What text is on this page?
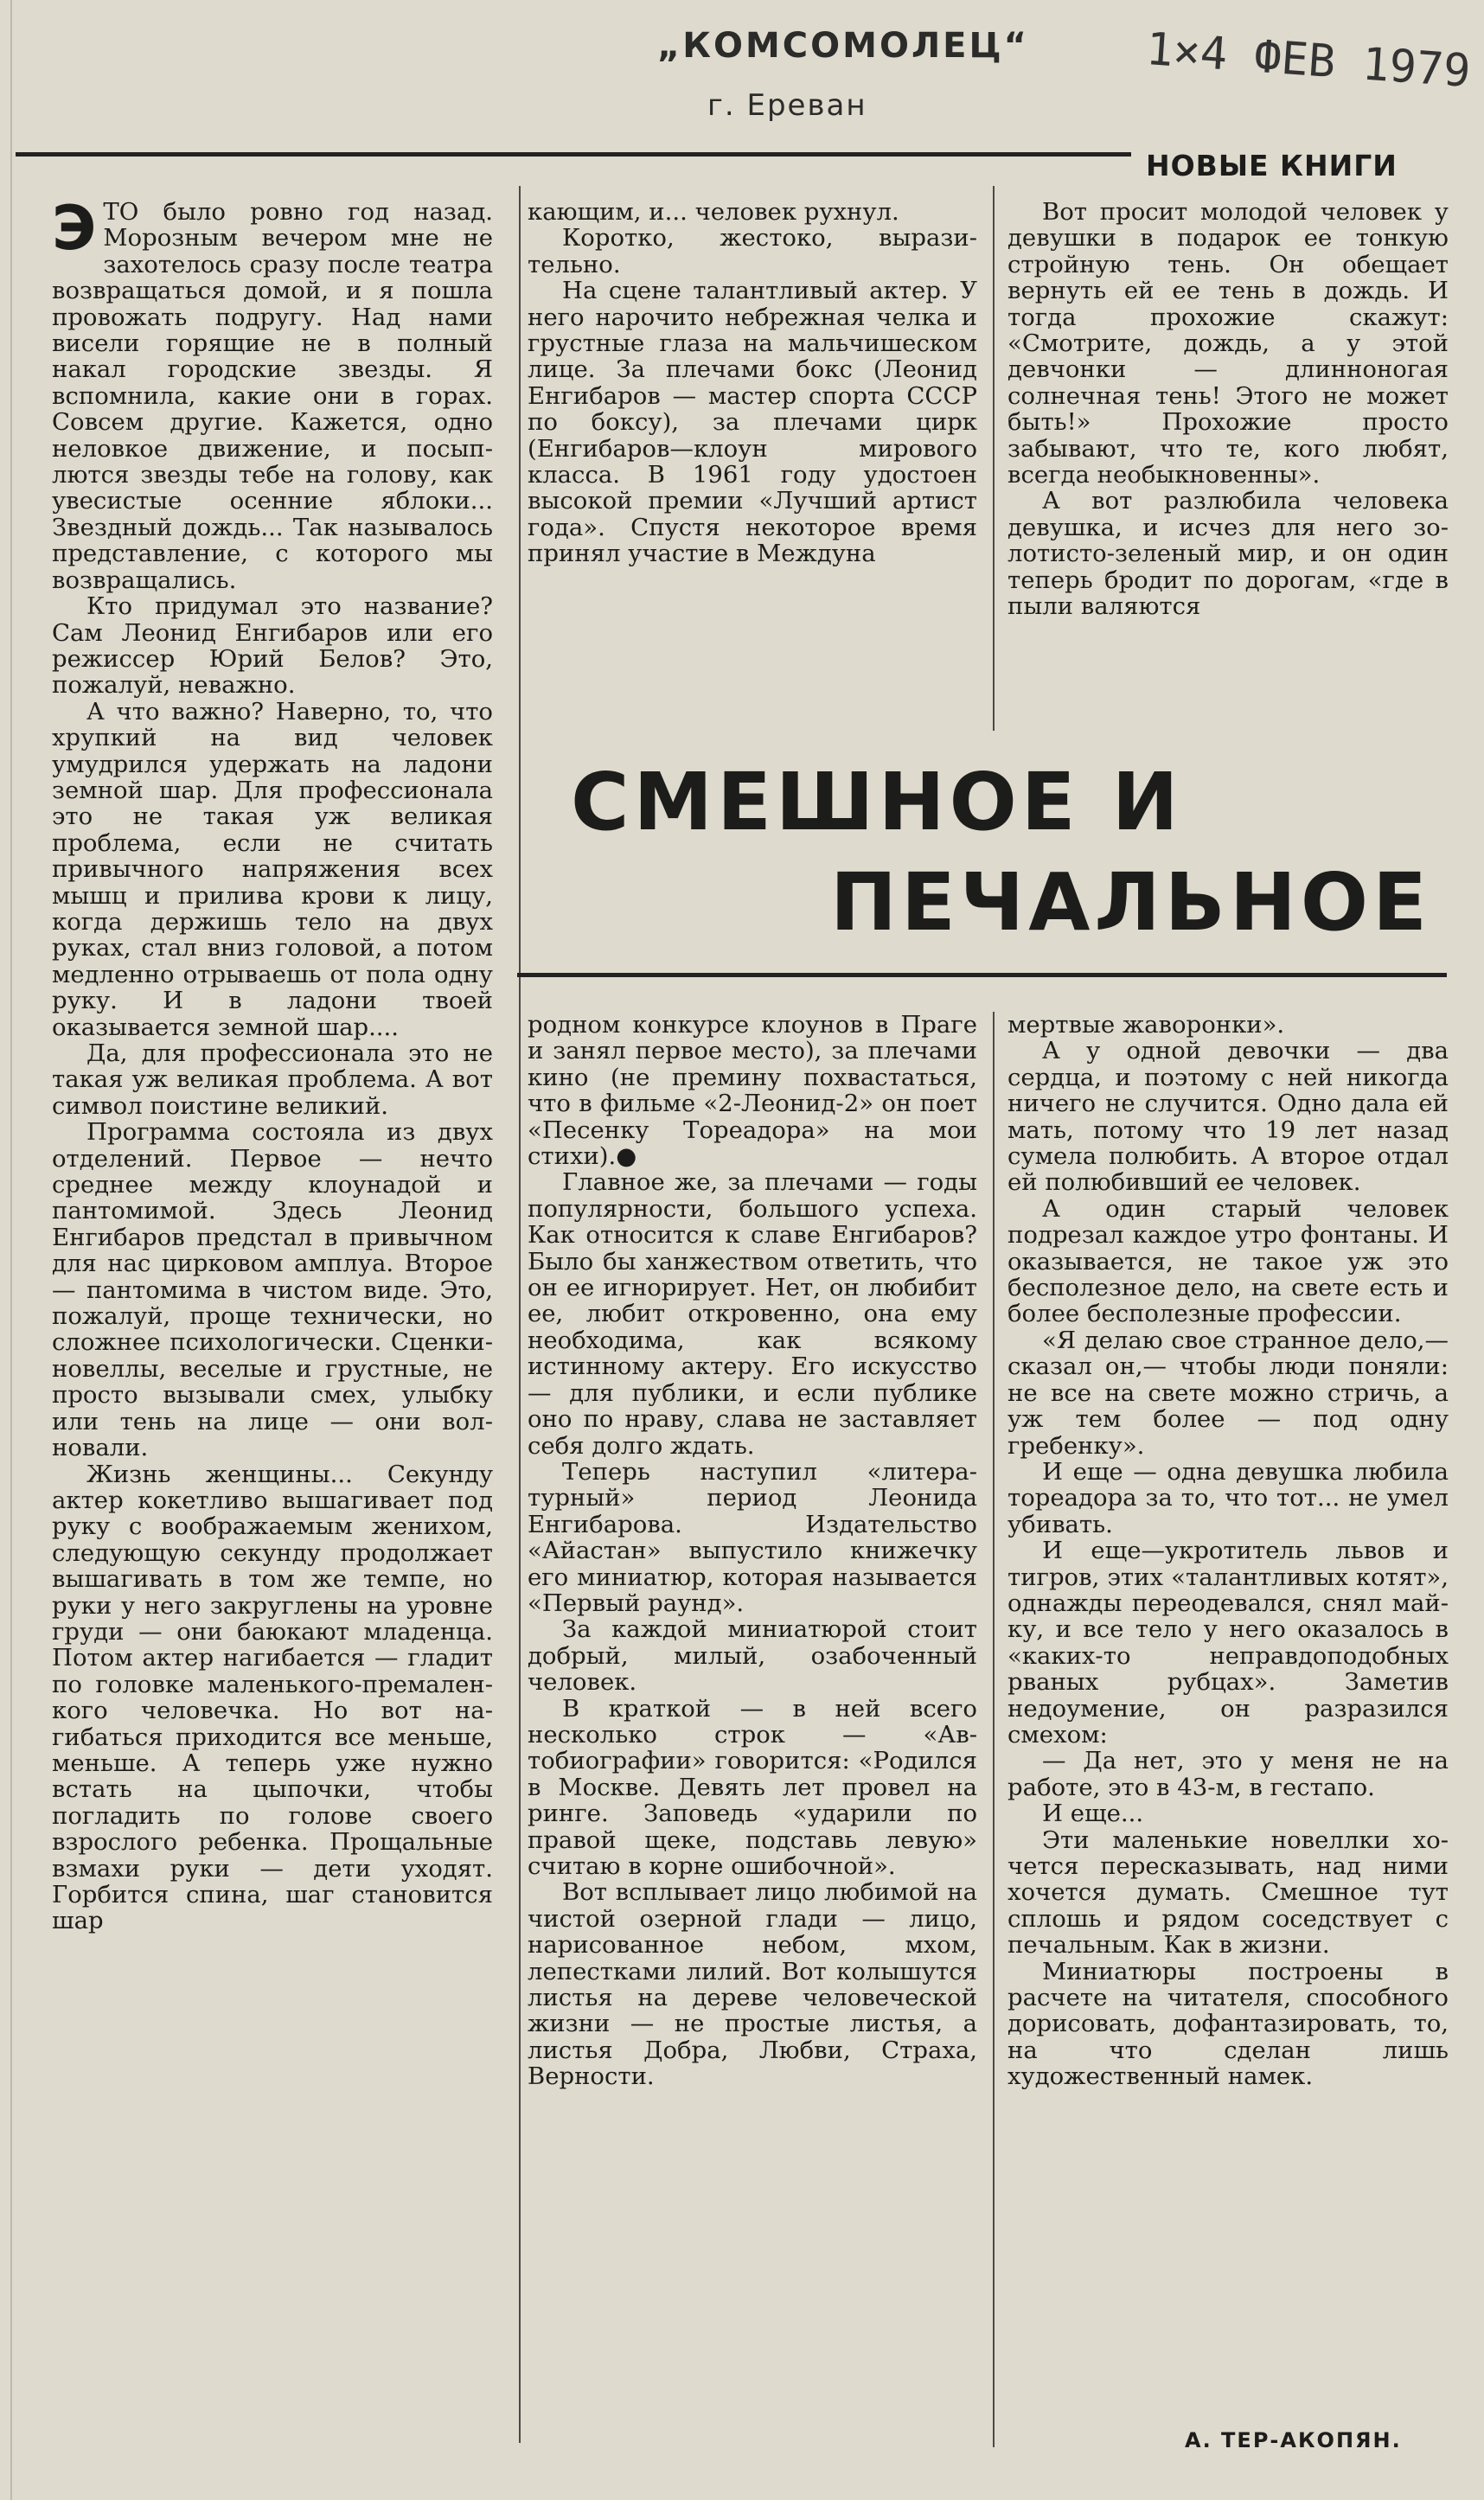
„КОМСОМОЛЕЦ“
г. Ереван
1×4 ФЕВ 1979
НОВЫЕ КНИГИ

ЭТО было ровно год назад. Морозным вечером мне не захотелось сразу после театра возвращаться домой, и я пошла провожать подругу. Над нами висели горящие не в полный накал городские звезды. Я вспомнила, какие они в горах. Совсем другие. Кажется, одно неловкое движение, и посыплются звезды тебе на голову, как увесистые осенние яблоки... Звездный дождь... Так называлось представление, с которого мы возвращались.

Кто придумал это название? Сам Леонид Енгибаров или его режиссер Юрий Белов? Это, пожалуй, неважно.

А что важно? Наверно, то, что хрупкий на вид человек умудрился удержать на ладони земной шар. Для профессионала это не такая уж великая проблема, если не считать привычного напряжения всех мышц и прилива крови к лицу, когда держишь тело на двух руках, стал вниз головой, а потом медленно отрываешь от пола одну руку. И в ладони твоей оказывается земной шар....

Да, для профессионала это не такая уж великая проблема. А вот символ поистине великий.

Программа состояла из двух отделений. Первое — нечто среднее между клоунадой и пантомимой. Здесь Леонид Енгибаров предстал в привычном для нас цирковом амплуа. Второе — пантомима в чистом виде. Это, пожалуй, проще технически, но сложнее психологически. Сценки-новеллы, веселые и грустные, не просто вызывали смех, улыбку или тень на лице — они волновали.

Жизнь женщины... Секунду актер кокетливо вышагивает под руку с воображаемым женихом, следующую секунду продолжает вышагивать в том же темпе, но руки у него закруглены на уровне груди — они баюкают младенца. Потом актер нагибается — гладит по головке маленького-премаленкого человечка. Но вот нагибаться приходится все меньше, меньше. А теперь уже нужно встать на цыпочки, чтобы погладить по голове своего взрослого ребенка. Прощальные взмахи руки — дети уходят. Горбится спина, шаг становится шар

кающим, и... человек рухнул.

Коротко, жестоко, выразительно.

На сцене талантливый актер. У него нарочито небрежная челка и грустные глаза на мальчишеском лице. За плечами бокс (Леонид Енгибаров — мастер спорта СССР по боксу), за плечами цирк (Енгибаров—клоун мирового класса. В 1961 году удостоен высокой премии «Лучший артист года». Спустя некоторое время принял участие в Междуна

Вот просит молодой человек у девушки в подарок ее тонкую стройную тень. Он обещает вернуть ей ее тень в дождь. И тогда прохожие скажут: «Смотрите, дождь, а у этой девчонки — длинноногая солнечная тень! Этого не может быть!» Прохожие просто забывают, что те, кого любят, всегда необыкновенны».

А вот разлюбила человека девушка, и исчез для него золотисто-зеленый мир, и он один теперь бродит по дорогам, «где в пыли валяются

СМЕШНОЕ И
ПЕЧАЛЬНОЕ

родном конкурсе клоунов в Праге и занял первое место), за плечами кино (не премину похвастаться, что в фильме «2-Леонид-2» он поет «Песенку Тореадора» на мои стихи).●

Главное же, за плечами — годы популярности, большого успеха. Как относится к славе Енгибаров? Было бы ханжеством ответить, что он ее игнорирует. Нет, он любибит ее, любит откровенно, она ему необходима, как всякому истинному актеру. Его искусство — для публики, и если публике оно по нраву, слава не заставляет себя долго ждать.

Теперь наступил «литературный» период Леонида Енгибарова. Издательство «Айастан» выпустило книжечку его миниатюр, которая называется «Первый раунд».

За каждой миниатюрой стоит добрый, милый, озабоченный человек.

В краткой — в ней всего несколько строк — «Автобиографии» говорится: «Родился в Москве. Девять лет провел на ринге. Заповедь «ударили по правой щеке, подставь левую» считаю в корне ошибочной».

Вот всплывает лицо любимой на чистой озерной глади — лицо, нарисованное небом, мхом, лепестками лилий. Вот колышутся листья на дереве человеческой жизни — не простые листья, а листья Добра, Любви, Страха, Верности.

мертвые жаворонки».

А у одной девочки — два сердца, и поэтому с ней никогда ничего не случится. Одно дала ей мать, потому что 19 лет назад сумела полюбить. А второе отдал ей полюбивший ее человек.

А один старый человек подрезал каждое утро фонтаны. И оказывается, не такое уж это бесполезное дело, на свете есть и более бесполезные профессии.

«Я делаю свое странное дело,— сказал он,— чтобы люди поняли: не все на свете можно стричь, а уж тем более — под одну гребенку».

И еще — одна девушка любила тореадора за то, что тот... не умел убивать.

И еще—укротитель львов и тигров, этих «талантливых котят», однажды переодевался, снял майку, и все тело у него оказалось в «каких-то неправдоподобных рваных рубцах». Заметив недоумение, он разразился смехом:

— Да нет, это у меня не на работе, это в 43-м, в гестапо.

И еще...

Эти маленькие новеллки хочется пересказывать, над ними хочется думать. Смешное тут сплошь и рядом соседствует с печальным. Как в жизни.

Миниатюры построены в расчете на читателя, способного дорисовать, дофантазировать, то, на что сделан лишь художественный намек.

А. ТЕР-АКОПЯН.
